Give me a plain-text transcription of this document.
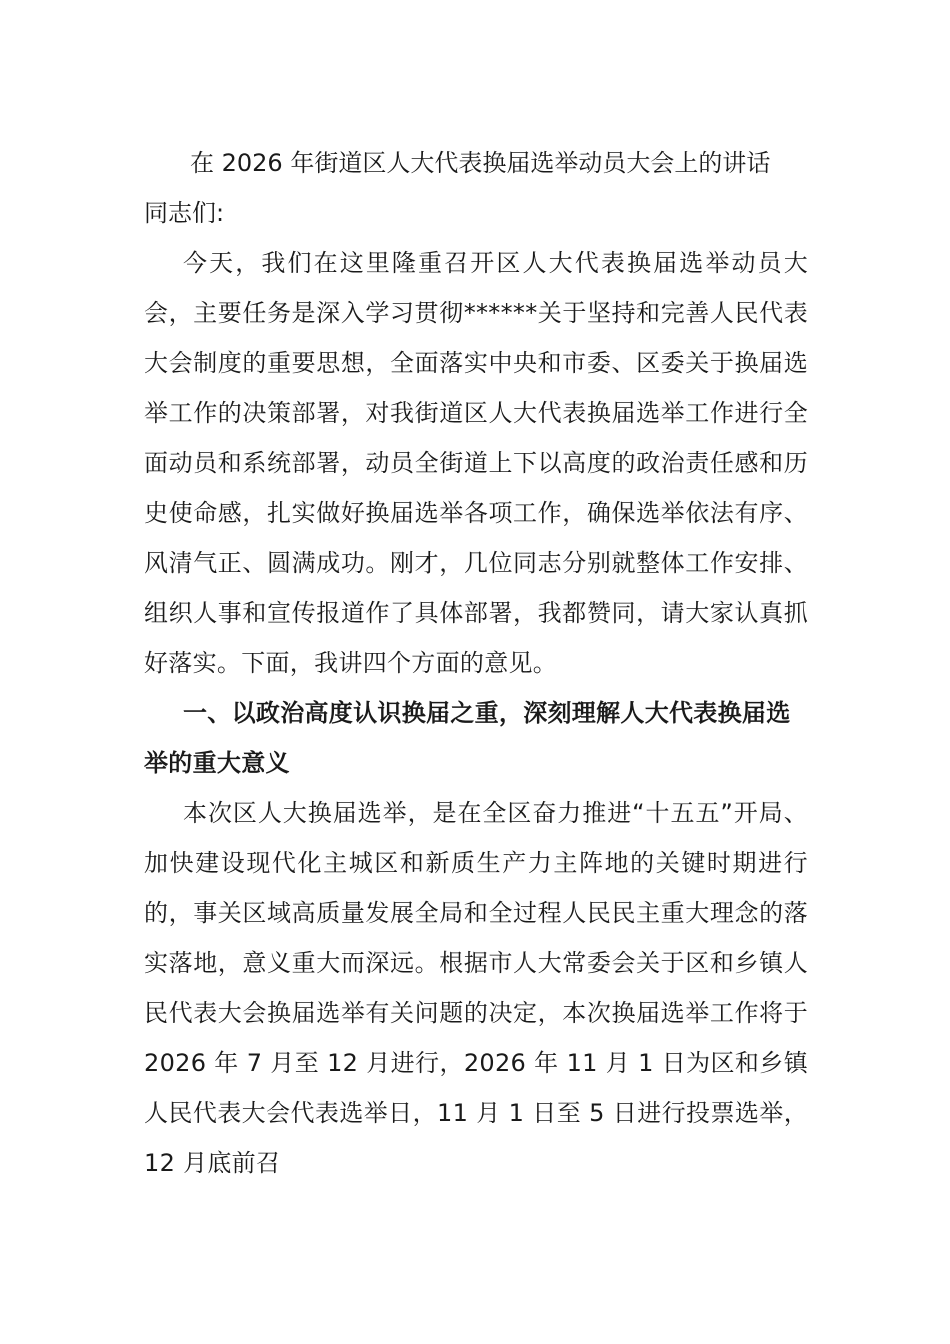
在 2026 年街道区人大代表换届选举动员大会上的讲话

同志们:

今天，我们在这里隆重召开区人大代表换届选举动员大会，主要任务是深入学习贯彻******关于坚持和完善人民代表大会制度的重要思想，全面落实中央和市委、区委关于换届选举工作的决策部署，对我街道区人大代表换届选举工作进行全面动员和系统部署，动员全街道上下以高度的政治责任感和历史使命感，扎实做好换届选举各项工作，确保选举依法有序、风清气正、圆满成功。刚才，几位同志分别就整体工作安排、组织人事和宣传报道作了具体部署，我都赞同，请大家认真抓好落实。下面，我讲四个方面的意见。

一、以政治高度认识换届之重，深刻理解人大代表换届选举的重大意义

本次区人大换届选举，是在全区奋力推进“十五五”开局、加快建设现代化主城区和新质生产力主阵地的关键时期进行的，事关区域高质量发展全局和全过程人民民主重大理念的落实落地，意义重大而深远。根据市人大常委会关于区和乡镇人民代表大会换届选举有关问题的决定，本次换届选举工作将于 2026 年 7 月至 12 月进行，2026 年 11 月 1 日为区和乡镇人民代表大会代表选举日，11 月 1 日至 5 日进行投票选举，12 月底前召
